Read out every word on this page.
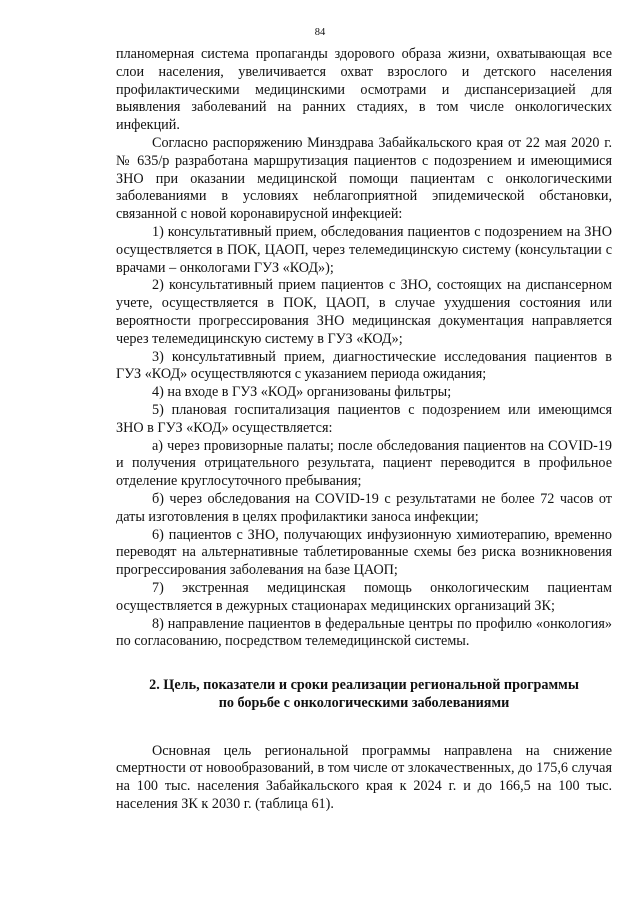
84

планомерная система пропаганды здорового образа жизни, охватывающая все слои населения, увеличивается охват взрослого и детского населения профилактическими медицинскими осмотрами и диспансеризацией для выявления заболеваний на ранних стадиях, в том числе онкологических инфекций.

Согласно распоряжению Минздрава Забайкальского края от 22 мая 2020 г. № 635/р разработана маршрутизация пациентов с подозрением и имеющимися ЗНО при оказании медицинской помощи пациентам с онкологическими заболеваниями в условиях неблагоприятной эпидемической обстановки, связанной с новой коронавирусной инфекцией:

1) консультативный прием, обследования пациентов с подозрением на ЗНО осуществляется в ПОК, ЦАОП, через телемедицинскую систему (консультации с врачами – онкологами ГУЗ «КОД»);

2) консультативный прием пациентов с ЗНО, состоящих на диспансерном учете, осуществляется в ПОК, ЦАОП, в случае ухудшения состояния или вероятности прогрессирования ЗНО медицинская документация направляется через телемедицинскую систему в ГУЗ «КОД»;

3) консультативный прием, диагностические исследования пациентов в ГУЗ «КОД» осуществляются с указанием периода ожидания;

4) на входе в ГУЗ «КОД» организованы фильтры;

5) плановая госпитализация пациентов с подозрением или имеющимся ЗНО в ГУЗ «КОД» осуществляется:

а) через провизорные палаты; после обследования пациентов на COVID-19 и получения отрицательного результата, пациент переводится в профильное отделение круглосуточного пребывания;

б) через обследования на COVID-19 с результатами не более 72 часов от даты изготовления в целях профилактики заноса инфекции;

6) пациентов с ЗНО, получающих инфузионную химиотерапию, временно переводят на альтернативные таблетированные схемы без риска возникновения прогрессирования заболевания на базе ЦАОП;

7) экстренная медицинская помощь онкологическим пациентам осуществляется в дежурных стационарах медицинских организаций ЗК;

8) направление пациентов в федеральные центры по профилю «онкология» по согласованию, посредством телемедицинской системы.

2. Цель, показатели и сроки реализации региональной программы
по борьбе с онкологическими заболеваниями

Основная цель региональной программы направлена на снижение смертности от новообразований, в том числе от злокачественных, до 175,6 случая на 100 тыс. населения Забайкальского края к 2024 г. и до 166,5 на 100 тыс. населения ЗК к 2030 г. (таблица 61).
